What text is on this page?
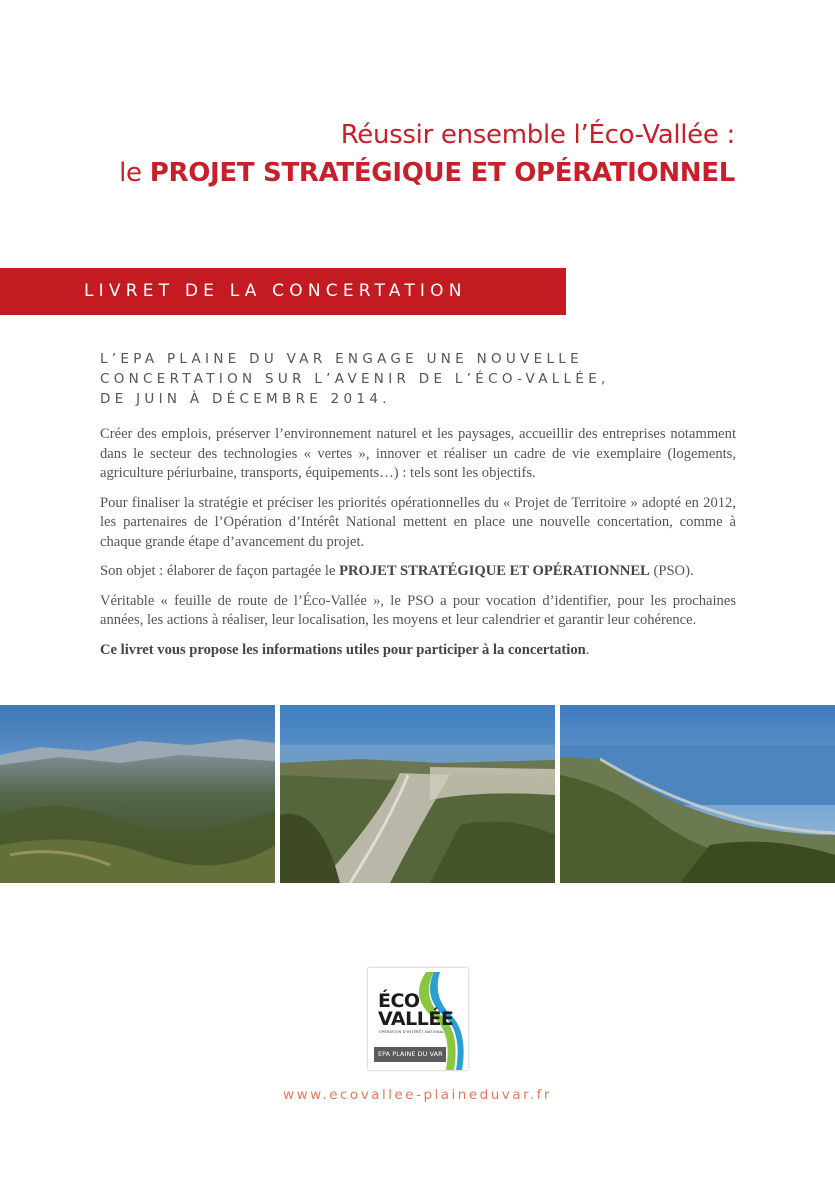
Réussir ensemble l’Éco-Vallée :
le PROJET STRATÉGIQUE ET OPÉRATIONNEL
LIVRET DE LA CONCERTATION
L’EPA PLAINE DU VAR ENGAGE UNE NOUVELLE
CONCERTATION SUR L’AVENIR DE L’ÉCO-VALLÉE,
DE JUIN À DÉCEMBRE 2014.

Créer des emplois, préserver l’environnement naturel et les paysages, accueillir des entreprises notamment dans le secteur des technologies « vertes », innover et réaliser un cadre de vie exemplaire (logements, agriculture périurbaine, transports, équipements…) : tels sont les objectifs.

Pour finaliser la stratégie et préciser les priorités opérationnelles du « Projet de Territoire » adopté en 2012, les partenaires de l’Opération d’Intérêt National mettent en place une nouvelle concertation, comme à chaque grande étape d’avancement du projet.

Son objet : élaborer de façon partagée le PROJET STRATÉGIQUE ET OPÉRATIONNEL (PSO).

Véritable « feuille de route de l’Éco-Vallée », le PSO a pour vocation d’identifier, pour les prochaines années, les actions à réaliser, leur localisation, les moyens et leur calendrier et garantir leur cohérence.

Ce livret vous propose les informations utiles pour participer à la concertation.

ÉCO
VALLÉE
OPÉRATION D’INTÉRÊT NATIONAL
EPA PLAINE DU VAR
www.ecovallee-plaineduvar.fr
